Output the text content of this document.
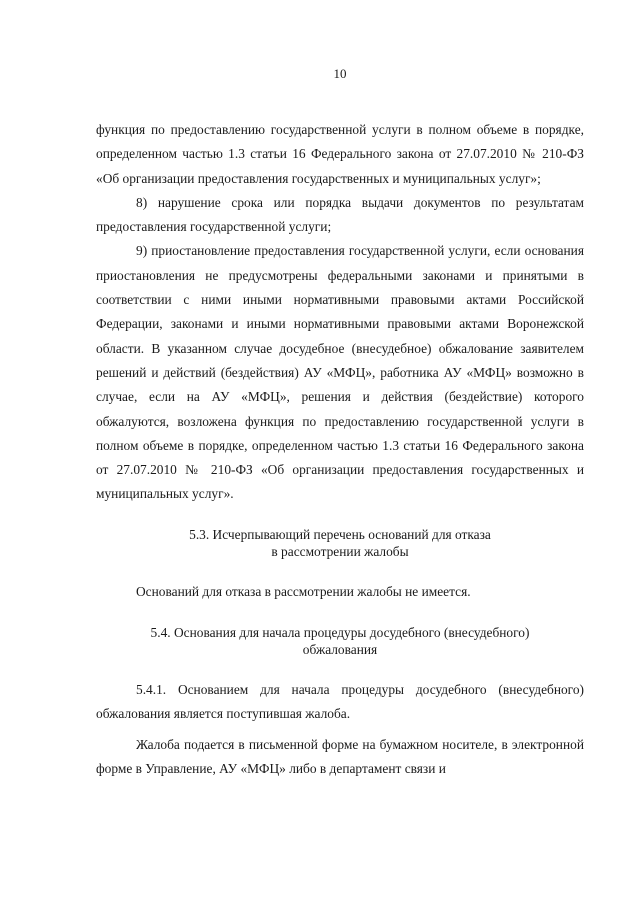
10

функция по предоставлению государственной услуги в полном объеме в порядке, определенном частью 1.3 статьи 16 Федерального закона от 27.07.2010 № 210-ФЗ «Об организации предоставления государственных и муниципальных услуг»;

8) нарушение срока или порядка выдачи документов по результатам предоставления государственной услуги;

9) приостановление предоставления государственной услуги, если основания приостановления не предусмотрены федеральными законами и принятыми в соответствии с ними иными нормативными правовыми актами Российской Федерации, законами и иными нормативными правовыми актами Воронежской области. В указанном случае досудебное (внесудебное) обжалование заявителем решений и действий (бездействия) АУ «МФЦ», работника АУ «МФЦ» возможно в случае, если на АУ «МФЦ», решения и действия (бездействие) которого обжалуются, возложена функция по предоставлению государственной услуги в полном объеме в порядке, определенном частью 1.3 статьи 16 Федерального закона от 27.07.2010 № 210-ФЗ «Об организации предоставления государственных и муниципальных услуг».

5.3. Исчерпывающий перечень оснований для отказа
в рассмотрении жалобы

Оснований для отказа в рассмотрении жалобы не имеется.

5.4. Основания для начала процедуры досудебного (внесудебного)
обжалования

5.4.1. Основанием для начала процедуры досудебного (внесудебного) обжалования является поступившая жалоба.

Жалоба подается в письменной форме на бумажном носителе, в электронной форме в Управление, АУ «МФЦ» либо в департамент связи и
